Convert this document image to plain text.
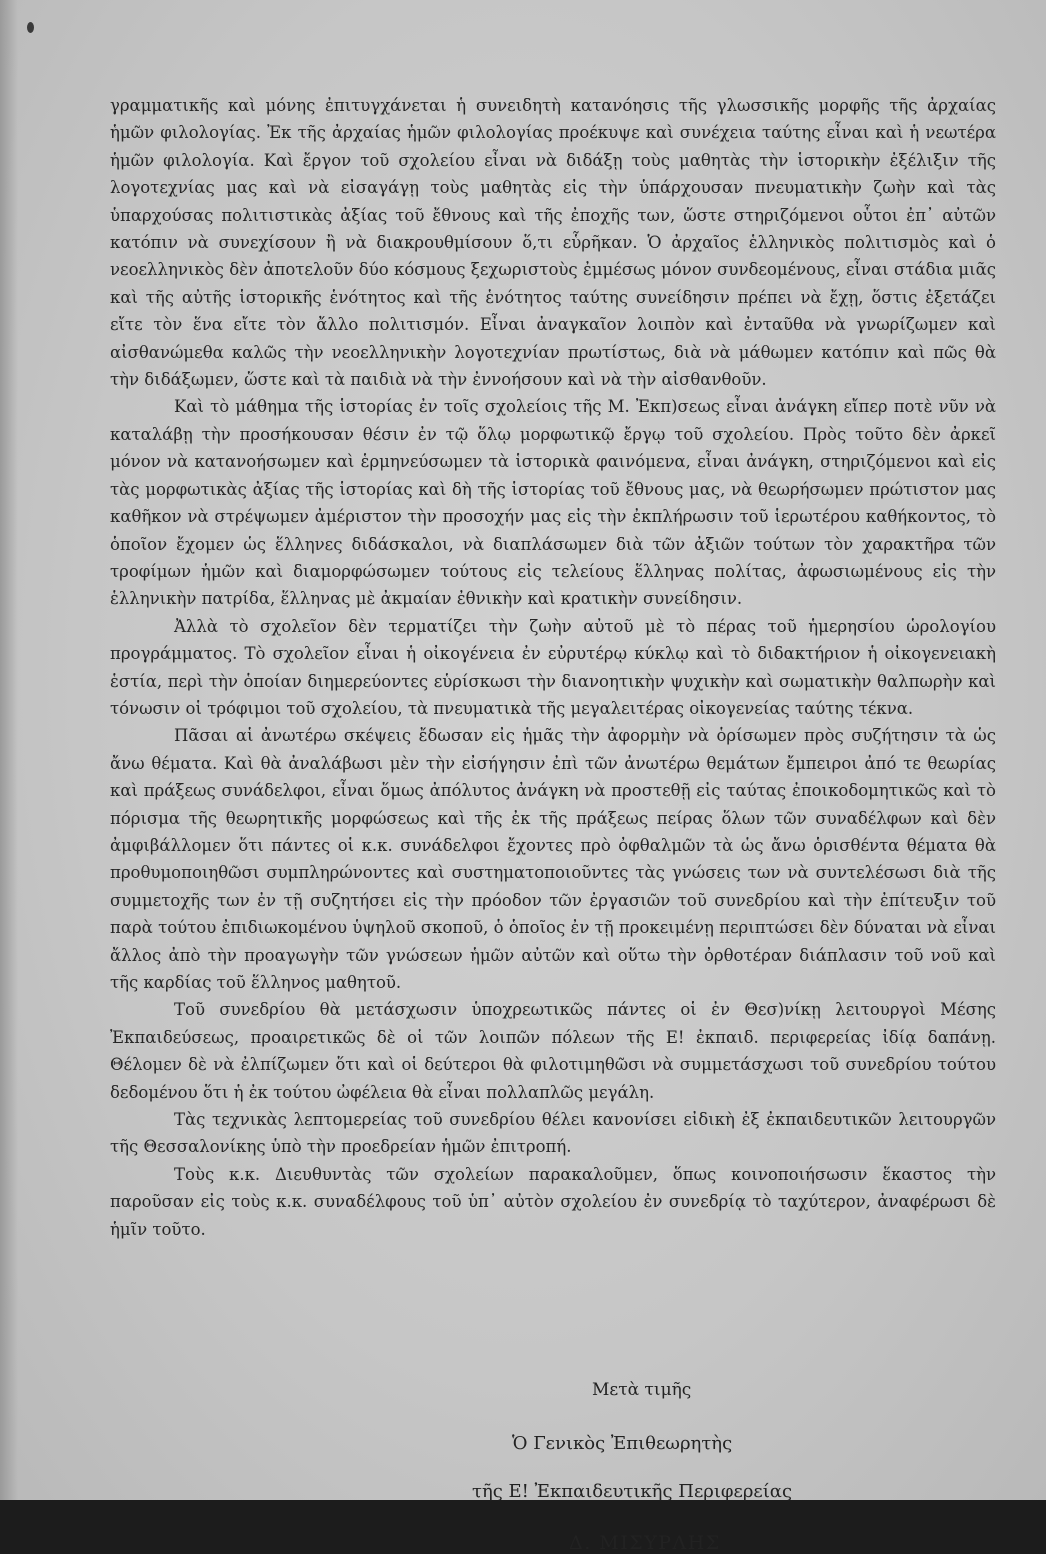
γραμματικῆς καὶ μόνης ἐπιτυγχάνεται ἡ συνειδητὴ κατανόησις τῆς γλωσσικῆς μορφῆς τῆς ἀρχαίας ἡμῶν φιλολογίας. Ἐκ τῆς ἀρχαίας ἡμῶν φιλολογίας προέκυψε καὶ συνέχεια ταύτης εἶναι καὶ ἡ νεωτέρα ἡμῶν φιλολογία. Καὶ ἔργον τοῦ σχολείου εἶναι νὰ διδάξῃ τοὺς μαθητὰς τὴν ἱστορικὴν ἐξέλιξιν τῆς λογοτεχνίας μας καὶ νὰ εἰσαγάγῃ τοὺς μαθητὰς εἰς τὴν ὑπάρχουσαν πνευματικὴν ζωὴν καὶ τὰς ὑπαρχούσας πολιτιστικὰς ἀξίας τοῦ ἔθνους καὶ τῆς ἐποχῆς των, ὥστε στηριζόμενοι οὗτοι ἐπ᾽ αὐτῶν κατόπιν νὰ συνεχίσουν ἢ νὰ διακρουθμίσουν ὅ,τι εὗρῆκαν. Ὁ ἀρχαῖος ἑλληνικὸς πολιτισμὸς καὶ ὁ νεοελληνικὸς δὲν ἀποτελοῦν δύο κόσμους ξεχωριστοὺς ἐμμέσως μόνον συνδεομένους, εἶναι στάδια μιᾶς καὶ τῆς αὐτῆς ἱστορικῆς ἑνότητος καὶ τῆς ἑνότητος ταύτης συνείδησιν πρέπει νὰ ἔχῃ, ὅστις ἐξετάζει εἴτε τὸν ἕνα εἴτε τὸν ἄλλο πολιτισμόν. Εἶναι ἀναγκαῖον λοιπὸν καὶ ἐνταῦθα νὰ γνωρίζωμεν καὶ αἰσθανώμεθα καλῶς τὴν νεοελληνικὴν λογοτεχνίαν πρωτίστως, διὰ νὰ μάθωμεν κατόπιν καὶ πῶς θὰ τὴν διδάξωμεν, ὥστε καὶ τὰ παιδιὰ νὰ τὴν ἐννοήσουν καὶ νὰ τὴν αἰσθανθοῦν.

Καὶ τὸ μάθημα τῆς ἱστορίας ἐν τοῖς σχολείοις τῆς Μ. Ἐκπ)σεως εἶναι ἀνάγκη εἴπερ ποτὲ νῦν νὰ καταλάβῃ τὴν προσήκουσαν θέσιν ἐν τῷ ὅλῳ μορφωτικῷ ἔργῳ τοῦ σχολείου. Πρὸς τοῦτο δὲν ἀρκεῖ μόνον νὰ κατανοήσωμεν καὶ ἑρμηνεύσωμεν τὰ ἱστορικὰ φαινόμενα, εἶναι ἀνάγκη, στηριζόμενοι καὶ εἰς τὰς μορφωτικὰς ἀξίας τῆς ἱστορίας καὶ δὴ τῆς ἱστορίας τοῦ ἔθνους μας, νὰ θεωρήσωμεν πρώτιστον μας καθῆκον νὰ στρέψωμεν ἀμέριστον τὴν προσοχήν μας εἰς τὴν ἐκπλήρωσιν τοῦ ἱερωτέρου καθήκοντος, τὸ ὁποῖον ἔχομεν ὡς ἕλληνες διδάσκαλοι, νὰ διαπλάσωμεν διὰ τῶν ἀξιῶν τούτων τὸν χαρακτῆρα τῶν τροφίμων ἡμῶν καὶ διαμορφώσωμεν τούτους εἰς τελείους ἕλληνας πολίτας, ἀφωσιωμένους εἰς τὴν ἑλληνικὴν πατρίδα, ἕλληνας μὲ ἀκμαίαν ἐθνικὴν καὶ κρατικὴν συνείδησιν.

Ἀλλὰ τὸ σχολεῖον δὲν τερματίζει τὴν ζωὴν αὐτοῦ μὲ τὸ πέρας τοῦ ἡμερησίου ὡρολογίου προγράμματος. Τὸ σχολεῖον εἶναι ἡ οἰκογένεια ἐν εὐρυτέρῳ κύκλῳ καὶ τὸ διδακτήριον ἡ οἰκογενειακὴ ἑστία, περὶ τὴν ὁποίαν διημερεύοντες εὑρίσκωσι τὴν διανοητικὴν ψυχικὴν καὶ σωματικὴν θαλπωρὴν καὶ τόνωσιν οἱ τρόφιμοι τοῦ σχολείου, τὰ πνευματικὰ τῆς μεγαλειτέρας οἰκογενείας ταύτης τέκνα.

Πᾶσαι αἱ ἀνωτέρω σκέψεις ἔδωσαν εἰς ἡμᾶς τὴν ἀφορμὴν νὰ ὁρίσωμεν πρὸς συζήτησιν τὰ ὡς ἄνω θέματα. Καὶ θὰ ἀναλάβωσι μὲν τὴν εἰσήγησιν ἐπὶ τῶν ἀνωτέρω θεμάτων ἔμπειροι ἀπό τε θεωρίας καὶ πράξεως συνάδελφοι, εἶναι ὅμως ἀπόλυτος ἀνάγκη νὰ προστεθῇ εἰς ταύτας ἐποικοδομητικῶς καὶ τὸ πόρισμα τῆς θεωρητικῆς μορφώσεως καὶ τῆς ἐκ τῆς πράξεως πείρας ὅλων τῶν συναδέλφων καὶ δὲν ἀμφιβάλλομεν ὅτι πάντες οἱ κ.κ. συνάδελφοι ἔχοντες πρὸ ὀφθαλμῶν τὰ ὡς ἄνω ὁρισθέντα θέματα θὰ προθυμοποιηθῶσι συμπληρώνοντες καὶ συστηματοποιοῦντες τὰς γνώσεις των νὰ συντελέσωσι διὰ τῆς συμμετοχῆς των ἐν τῇ συζητήσει εἰς τὴν πρόοδον τῶν ἐργασιῶν τοῦ συνεδρίου καὶ τὴν ἐπίτευξιν τοῦ παρὰ τούτου ἐπιδιωκομένου ὑψηλοῦ σκοποῦ, ὁ ὁποῖος ἐν τῇ προκειμένῃ περιπτώσει δὲν δύναται νὰ εἶναι ἄλλος ἀπὸ τὴν προαγωγὴν τῶν γνώσεων ἡμῶν αὐτῶν καὶ οὕτω τὴν ὀρθοτέραν διάπλασιν τοῦ νοῦ καὶ τῆς καρδίας τοῦ ἕλληνος μαθητοῦ.

Τοῦ συνεδρίου θὰ μετάσχωσιν ὑποχρεωτικῶς πάντες οἱ ἐν Θεσ)νίκῃ λειτουργοὶ Μέσης Ἐκπαιδεύσεως, προαιρετικῶς δὲ οἱ τῶν λοιπῶν πόλεων τῆς Ε! ἐκπαιδ. περιφερείας ἰδίᾳ δαπάνῃ. Θέλομεν δὲ νὰ ἐλπίζωμεν ὅτι καὶ οἱ δεύτεροι θὰ φιλοτιμηθῶσι νὰ συμμετάσχωσι τοῦ συνεδρίου τούτου δεδομένου ὅτι ἡ ἐκ τούτου ὠφέλεια θὰ εἶναι πολλαπλῶς μεγάλη.

Τὰς τεχνικὰς λεπτομερείας τοῦ συνεδρίου θέλει κανονίσει εἰδικὴ ἐξ ἐκπαιδευτικῶν λειτουργῶν τῆς Θεσσαλονίκης ὑπὸ τὴν προεδρείαν ἡμῶν ἐπιτροπή.

Τοὺς κ.κ. Διευθυντὰς τῶν σχολείων παρακαλοῦμεν, ὅπως κοινοποιήσωσιν ἕκαστος τὴν παροῦσαν εἰς τοὺς κ.κ. συναδέλφους τοῦ ὑπ᾽ αὐτὸν σχολείου ἐν συνεδρίᾳ τὸ ταχύτερον, ἀναφέρωσι δὲ ἡμῖν τοῦτο.

Μετὰ τιμῆς
Ὁ Γενικὸς Ἐπιθεωρητὴς
τῆς Ε! Ἐκπαιδευτικῆς Περιφερείας
Δ. ΜΙΣΥΡΛΗΣ
